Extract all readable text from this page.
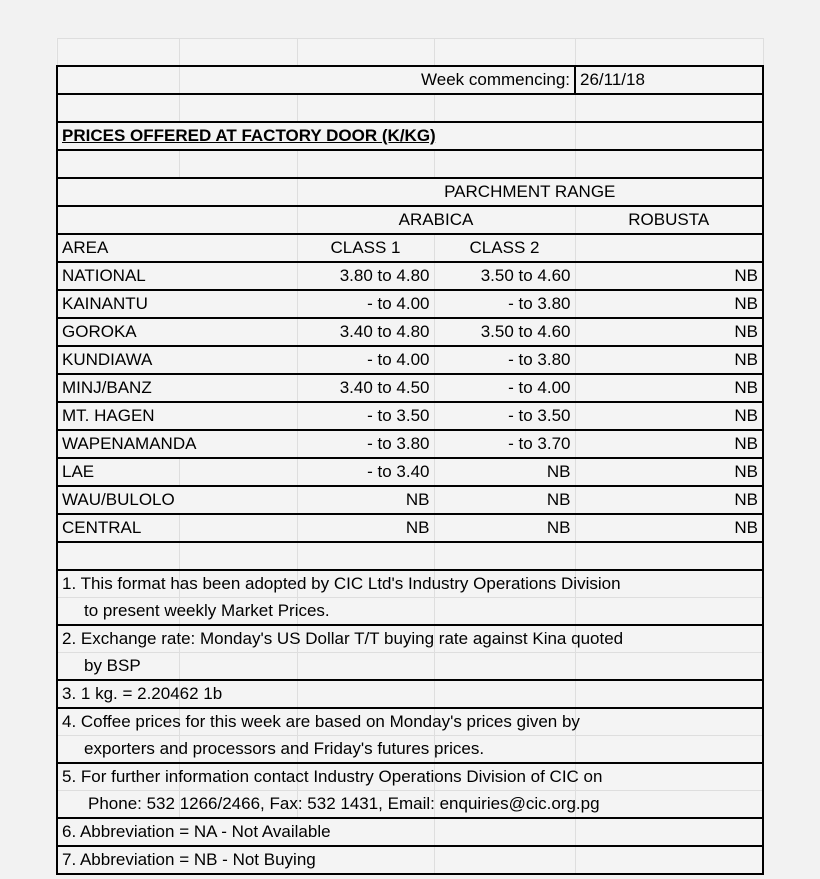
	Week commencing:			26/11/18

PRICES OFFERED AT FACTORY DOOR (K/KG)				

		PARCHMENT RANGE		
		ARABICA		ROBUSTA
AREA		CLASS 1	CLASS 2	

NATIONAL		3.80 to 4.80	3.50 to 4.60	NB

KAINANTU		- to 4.00	- to 3.80	NB

GOROKA		3.40 to 4.80	3.50 to 4.60	NB

KUNDIAWA		- to 4.00	- to 3.80	NB

MINJ/BANZ		3.40 to 4.50	- to 4.00	NB

MT. HAGEN		- to 3.50	- to 3.50	NB

WAPENAMANDA		- to 3.80	- to 3.70	NB
LAE		- to 3.40	NB	NB

WAU/BULOLO		NB	NB	NB
CENTRAL		NB	NB	NB

1. This format has been adopted by CIC Ltd's Industry Operations Division				

to present weekly Market Prices.				

2. Exchange rate: Monday's US Dollar T/T buying rate against Kina quoted				

by BSP				

3. 1 kg. = 2.20462 1b				

4. Coffee prices for this week are based on Monday's prices given by				

exporters and processors and Friday's futures prices.				

5. For further information contact Industry Operations Division of CIC on				

Phone: 532 1266/2466, Fax: 532 1431, Email: enquiries@cic.org.pg				

6. Abbreviation = NA - Not Available				

7. Abbreviation = NB - Not Buying				
